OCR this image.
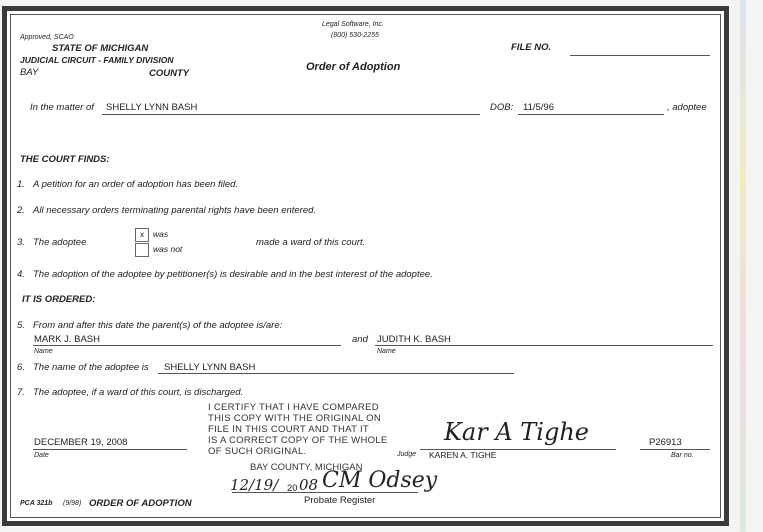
Approved, SCAO
STATE OF MICHIGAN
JUDICIAL CIRCUIT - FAMILY DIVISION
BAY	COUNTY
Legal Software, Inc.
(800) 530-2255
Order of Adoption
FILE NO.
In the matter of SHELLY LYNN BASH	DOB: 11/5/96	, adoptee
THE COURT FINDS:
1. A petition for an order of adoption has been filed.
2. All necessary orders terminating parental rights have been entered.
3. The adoptee
x	was
was not
made a ward of this court.
4. The adoption of the adoptee by petitioner(s) is desirable and in the best interest of the adoptee.
IT IS ORDERED:
5. From and after this date the parent(s) of the adoptee is/are:
MARK J. BASH
Name
and JUDITH K. BASH
Name
6. The name of the adoptee is SHELLY LYNN BASH
7. The adoptee, if a ward of this court, is discharged.
I CERTIFY THAT I HAVE COMPARED
THIS COPY WITH THE ORIGINAL ON
FILE IN THIS COURT AND THAT IT
IS A CORRECT COPY OF THE WHOLE
OF SUCH ORIGINAL.
BAY COUNTY, MICHIGAN
12/19/ 20 08 CM Odsey
Probate Register
DECEMBER 19, 2008
Date
Kar A Tighe
Judge KAREN A. TIGHE
P26913
Bar no.
PCA 321b (9/98) ORDER OF ADOPTION
